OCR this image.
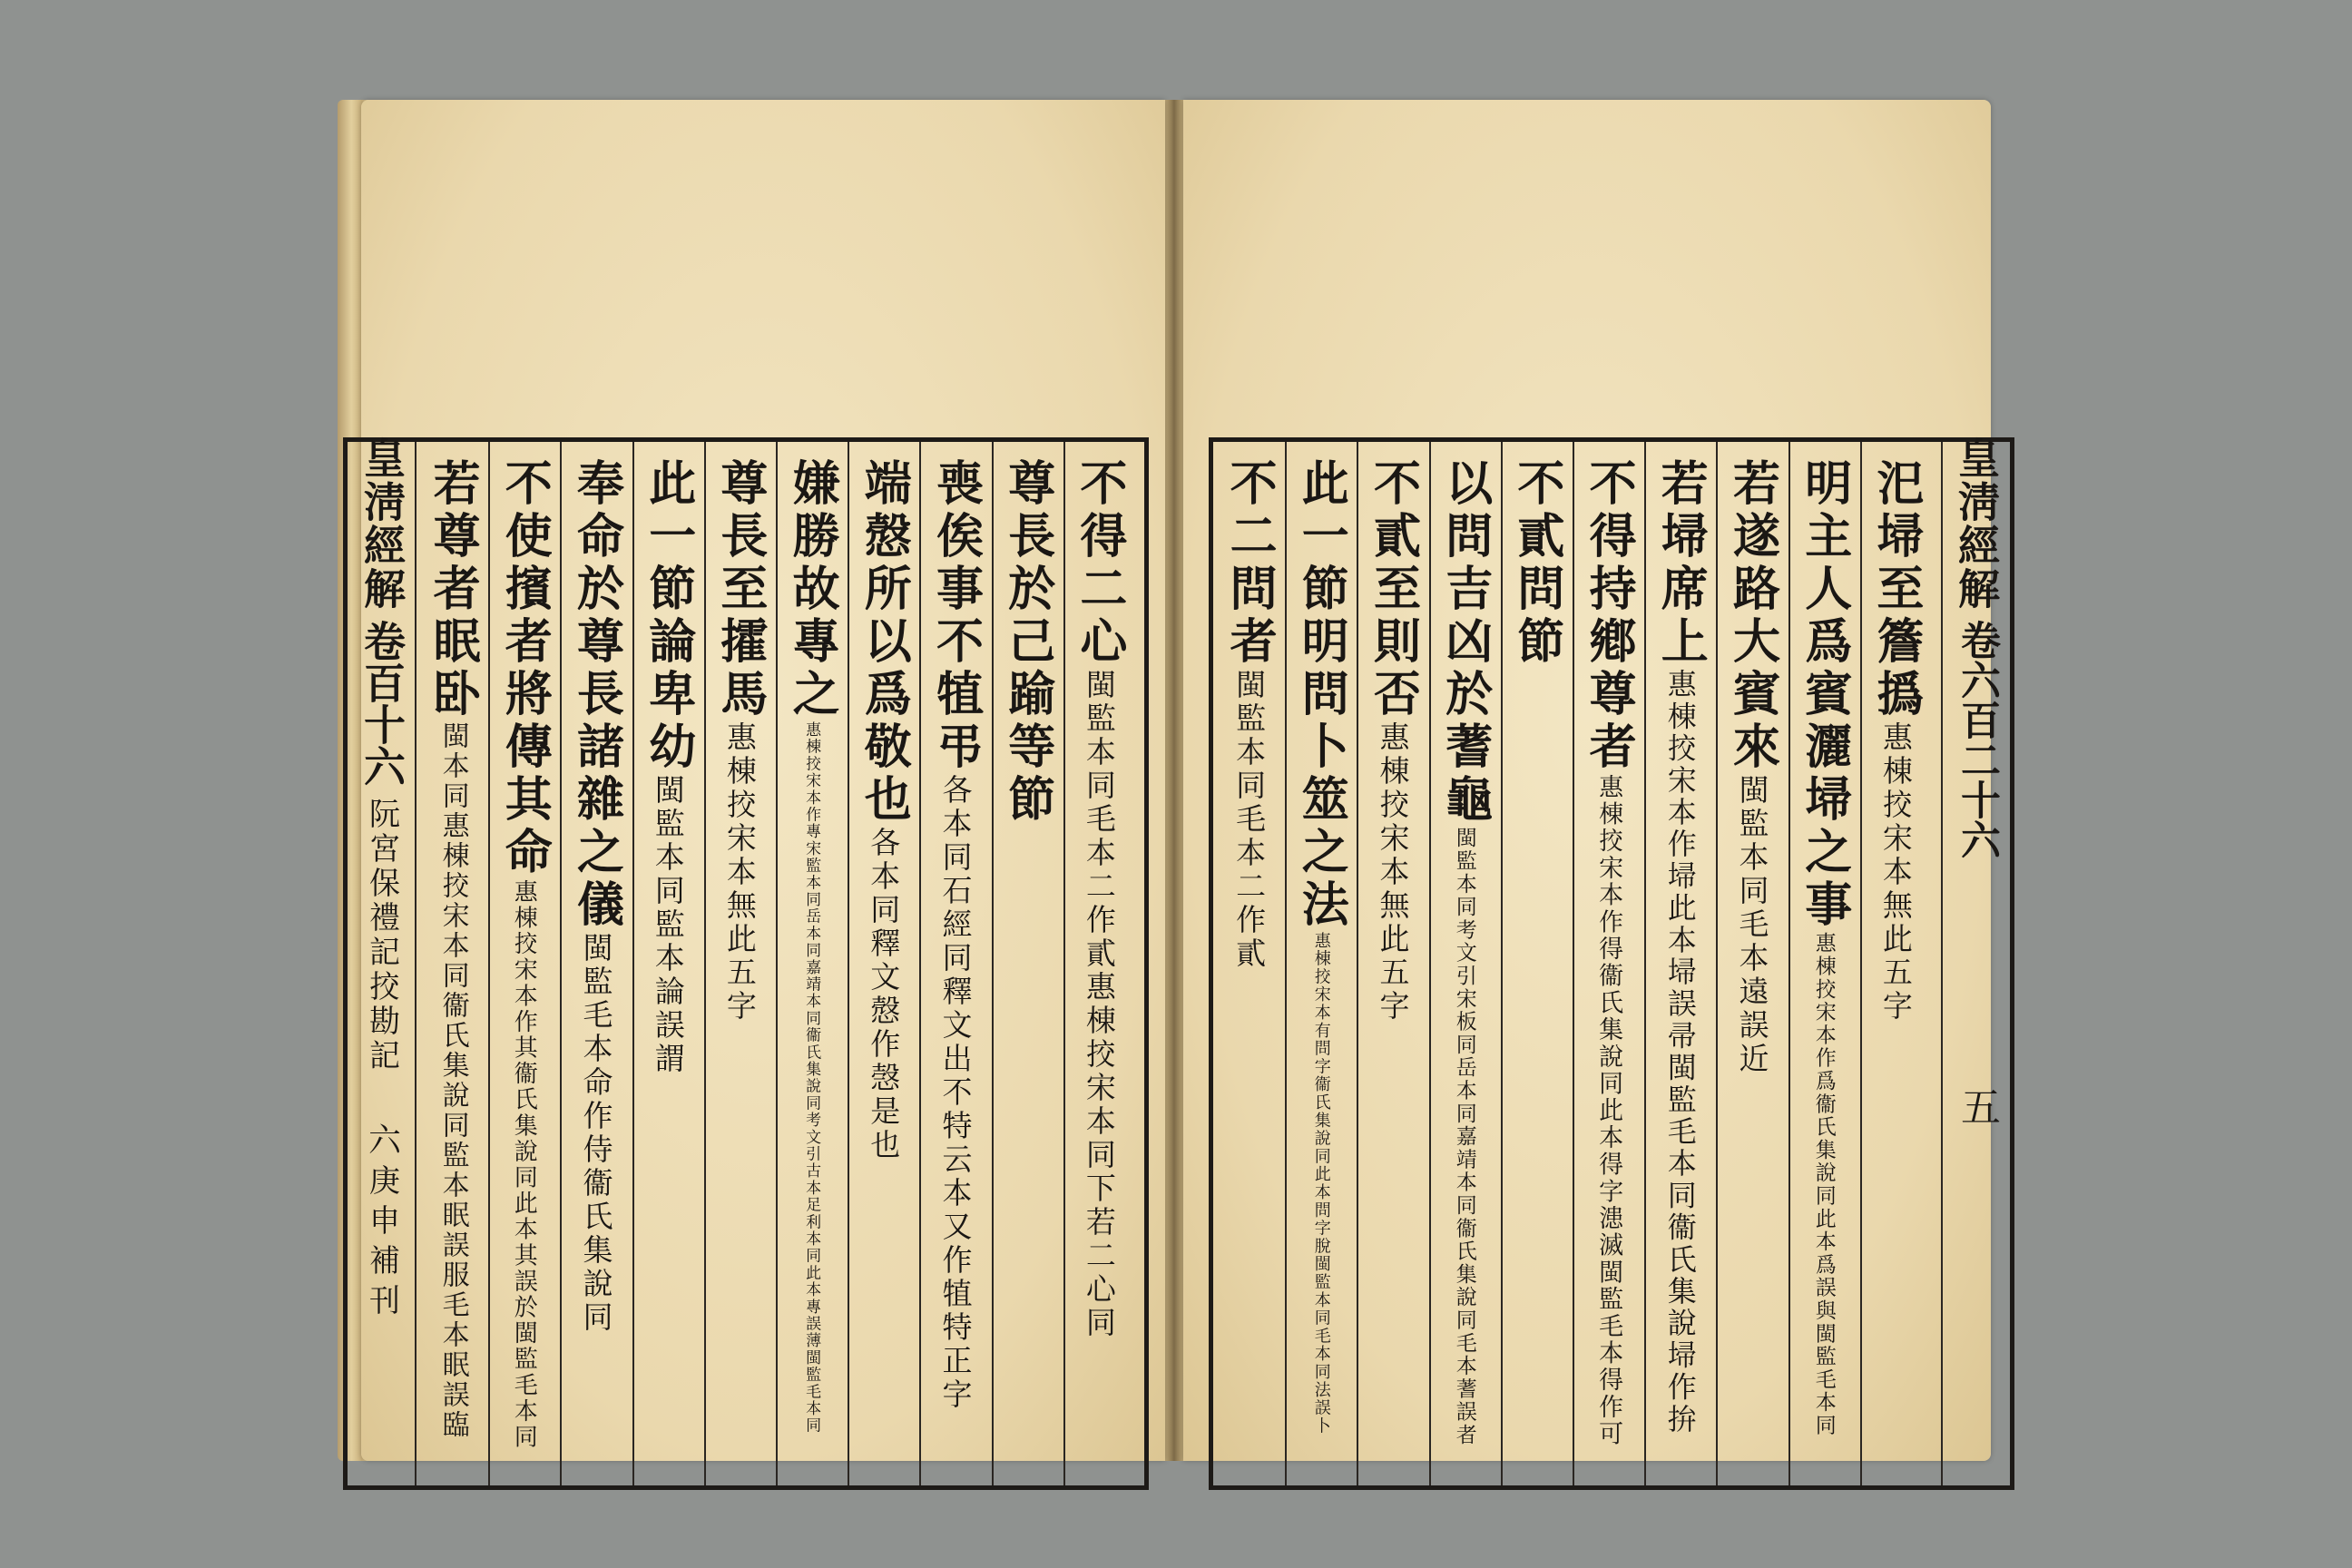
皇淸經解
卷百十六
阮宮保禮記挍勘記
六
庚申補刊
不得二心
閩監本同毛本二作貳惠棟挍宋本同下若二心同
尊長於己踰等節
喪俟事不犆弔
各本同石經同釋文出不特云本又作犆特正字
端慤所以爲敬也
各本同釋文慤作愨是也
嫌勝故專之
惠棟挍宋本作專宋監本同岳本同嘉靖本同衞氏集說同考文引古本足利本同此本專誤薄閩監毛本同
尊長至攉馬
惠棟挍宋本無此五字
此一節論卑幼
閩監本同監本論誤謂
奉命於尊長諸雜之儀
閩監毛本命作侍衞氏集說同
不使擯者將傳其命
惠棟挍宋本作其衞氏集說同此本其誤於閩監毛本同
若尊者眠卧
閩本同惠棟挍宋本同衞氏集說同監本眠誤服毛本眠誤臨
汜埽至簷撝
惠棟挍宋本無此五字
明主人爲賓灑埽之事
惠棟挍宋本作爲衞氏集說同此本爲誤與閩監毛本同
若遂路大賓來
閩監本同毛本遠誤近
若埽席上
惠棟挍宋本作埽此本埽誤帚閩監毛本同衞氏集說埽作拚
不得持鄕尊者
惠棟挍宋本作得衞氏集說同此本得字漶滅閩監毛本得作可
不貳問節
以問吉凶於蓍龜
閩監本同考文引宋板同岳本同嘉靖本同衞氏集說同毛本蓍誤者
不貳至則否
惠棟挍宋本無此五字
此一節明問卜筮之法
惠棟挍宋本有問字衞氏集說同此本問字脫閩監本同毛本同法誤卜
不二問者
閩監本同毛本二作貳
皇淸經解
卷六百二十六
五
